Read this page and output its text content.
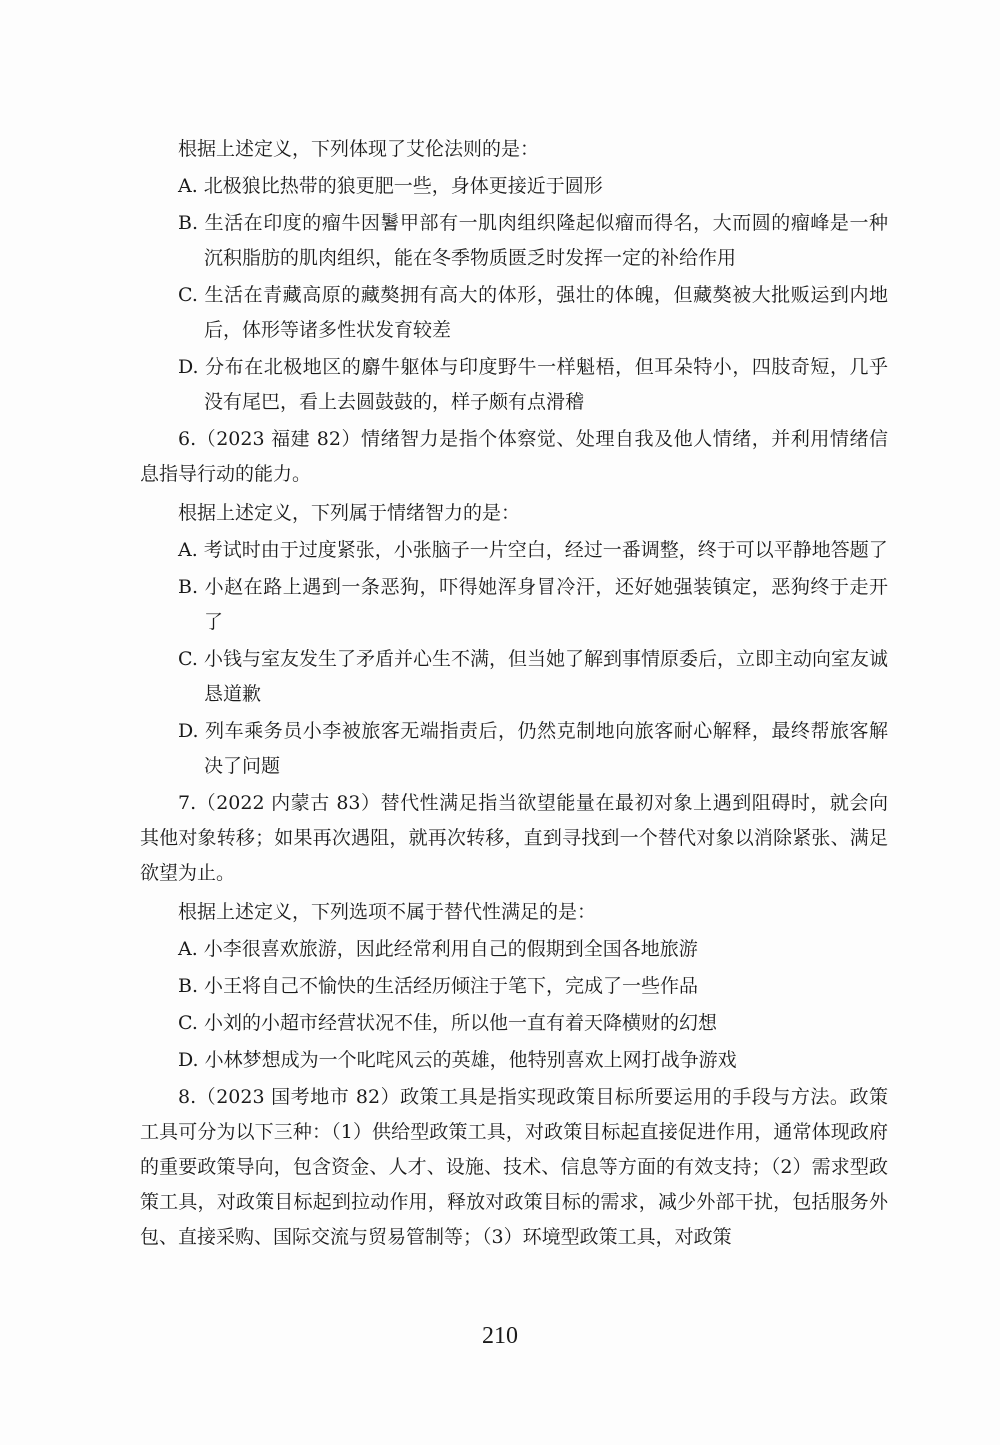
根据上述定义，下列体现了艾伦法则的是：

A. 北极狼比热带的狼更肥一些，身体更接近于圆形

B. 生活在印度的瘤牛因鬐甲部有一肌肉组织隆起似瘤而得名，大而圆的瘤峰是一种沉积脂肪的肌肉组织，能在冬季物质匮乏时发挥一定的补给作用

C. 生活在青藏高原的藏獒拥有高大的体形，强壮的体魄，但藏獒被大批贩运到内地后，体形等诸多性状发育较差

D. 分布在北极地区的麝牛躯体与印度野牛一样魁梧，但耳朵特小，四肢奇短，几乎没有尾巴，看上去圆鼓鼓的，样子颇有点滑稽

6.（2023 福建 82）情绪智力是指个体察觉、处理自我及他人情绪，并利用情绪信息指导行动的能力。

根据上述定义，下列属于情绪智力的是：

A. 考试时由于过度紧张，小张脑子一片空白，经过一番调整，终于可以平静地答题了

B. 小赵在路上遇到一条恶狗，吓得她浑身冒冷汗，还好她强装镇定，恶狗终于走开了

C. 小钱与室友发生了矛盾并心生不满，但当她了解到事情原委后，立即主动向室友诚恳道歉

D. 列车乘务员小李被旅客无端指责后，仍然克制地向旅客耐心解释，最终帮旅客解决了问题

7.（2022 内蒙古 83）替代性满足指当欲望能量在最初对象上遇到阻碍时，就会向其他对象转移；如果再次遇阻，就再次转移，直到寻找到一个替代对象以消除紧张、满足欲望为止。

根据上述定义，下列选项不属于替代性满足的是：

A. 小李很喜欢旅游，因此经常利用自己的假期到全国各地旅游

B. 小王将自己不愉快的生活经历倾注于笔下，完成了一些作品

C. 小刘的小超市经营状况不佳，所以他一直有着天降横财的幻想

D. 小林梦想成为一个叱咤风云的英雄，他特别喜欢上网打战争游戏

8.（2023 国考地市 82）政策工具是指实现政策目标所要运用的手段与方法。政策工具可分为以下三种：（1）供给型政策工具，对政策目标起直接促进作用，通常体现政府的重要政策导向，包含资金、人才、设施、技术、信息等方面的有效支持；（2）需求型政策工具，对政策目标起到拉动作用，释放对政策目标的需求，减少外部干扰，包括服务外包、直接采购、国际交流与贸易管制等；（3）环境型政策工具，对政策

210
